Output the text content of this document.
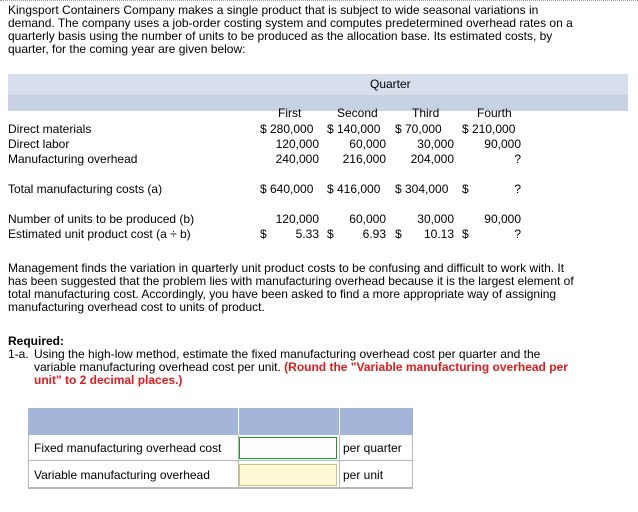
Kingsport Containers Company makes a single product that is subject to wide seasonal variations in

demand. The company uses a job-order costing system and computes predetermined overhead rates on a

quarterly basis using the number of units to be produced as the allocation base. Its estimated costs, by

quarter, for the coming year are given below:

Quarter
First	Second	Third	Fourth
Direct materials	$ 280,000 $ 140,000 $ 70,000 $ 210,000
Direct labor	120,000	60,000	30,000	90,000
Manufacturing overhead	240,000	216,000	204,000	?
Total manufacturing costs (a)	$ 640,000 $ 416,000 $ 304,000 $	?
Number of units to be produced (b)	120,000	60,000	30,000	90,000
Estimated unit product cost (a ÷ b)	$	5.33 $	6.93 $	10.13 $	?

Management finds the variation in quarterly unit product costs to be confusing and difficult to work with. It

has been suggested that the problem lies with manufacturing overhead because it is the largest element of

total manufacturing cost. Accordingly, you have been asked to find a more appropriate way of assigning

manufacturing overhead cost to units of product.

Required:
1-a. Using the high-low method, estimate the fixed manufacturing overhead cost per quarter and the
variable manufacturing overhead cost per unit. (Round the "Variable manufacturing overhead per
unit" to 2 decimal places.)
Fixed manufacturing overhead cost	per quarter
Variable manufacturing overhead	per unit
